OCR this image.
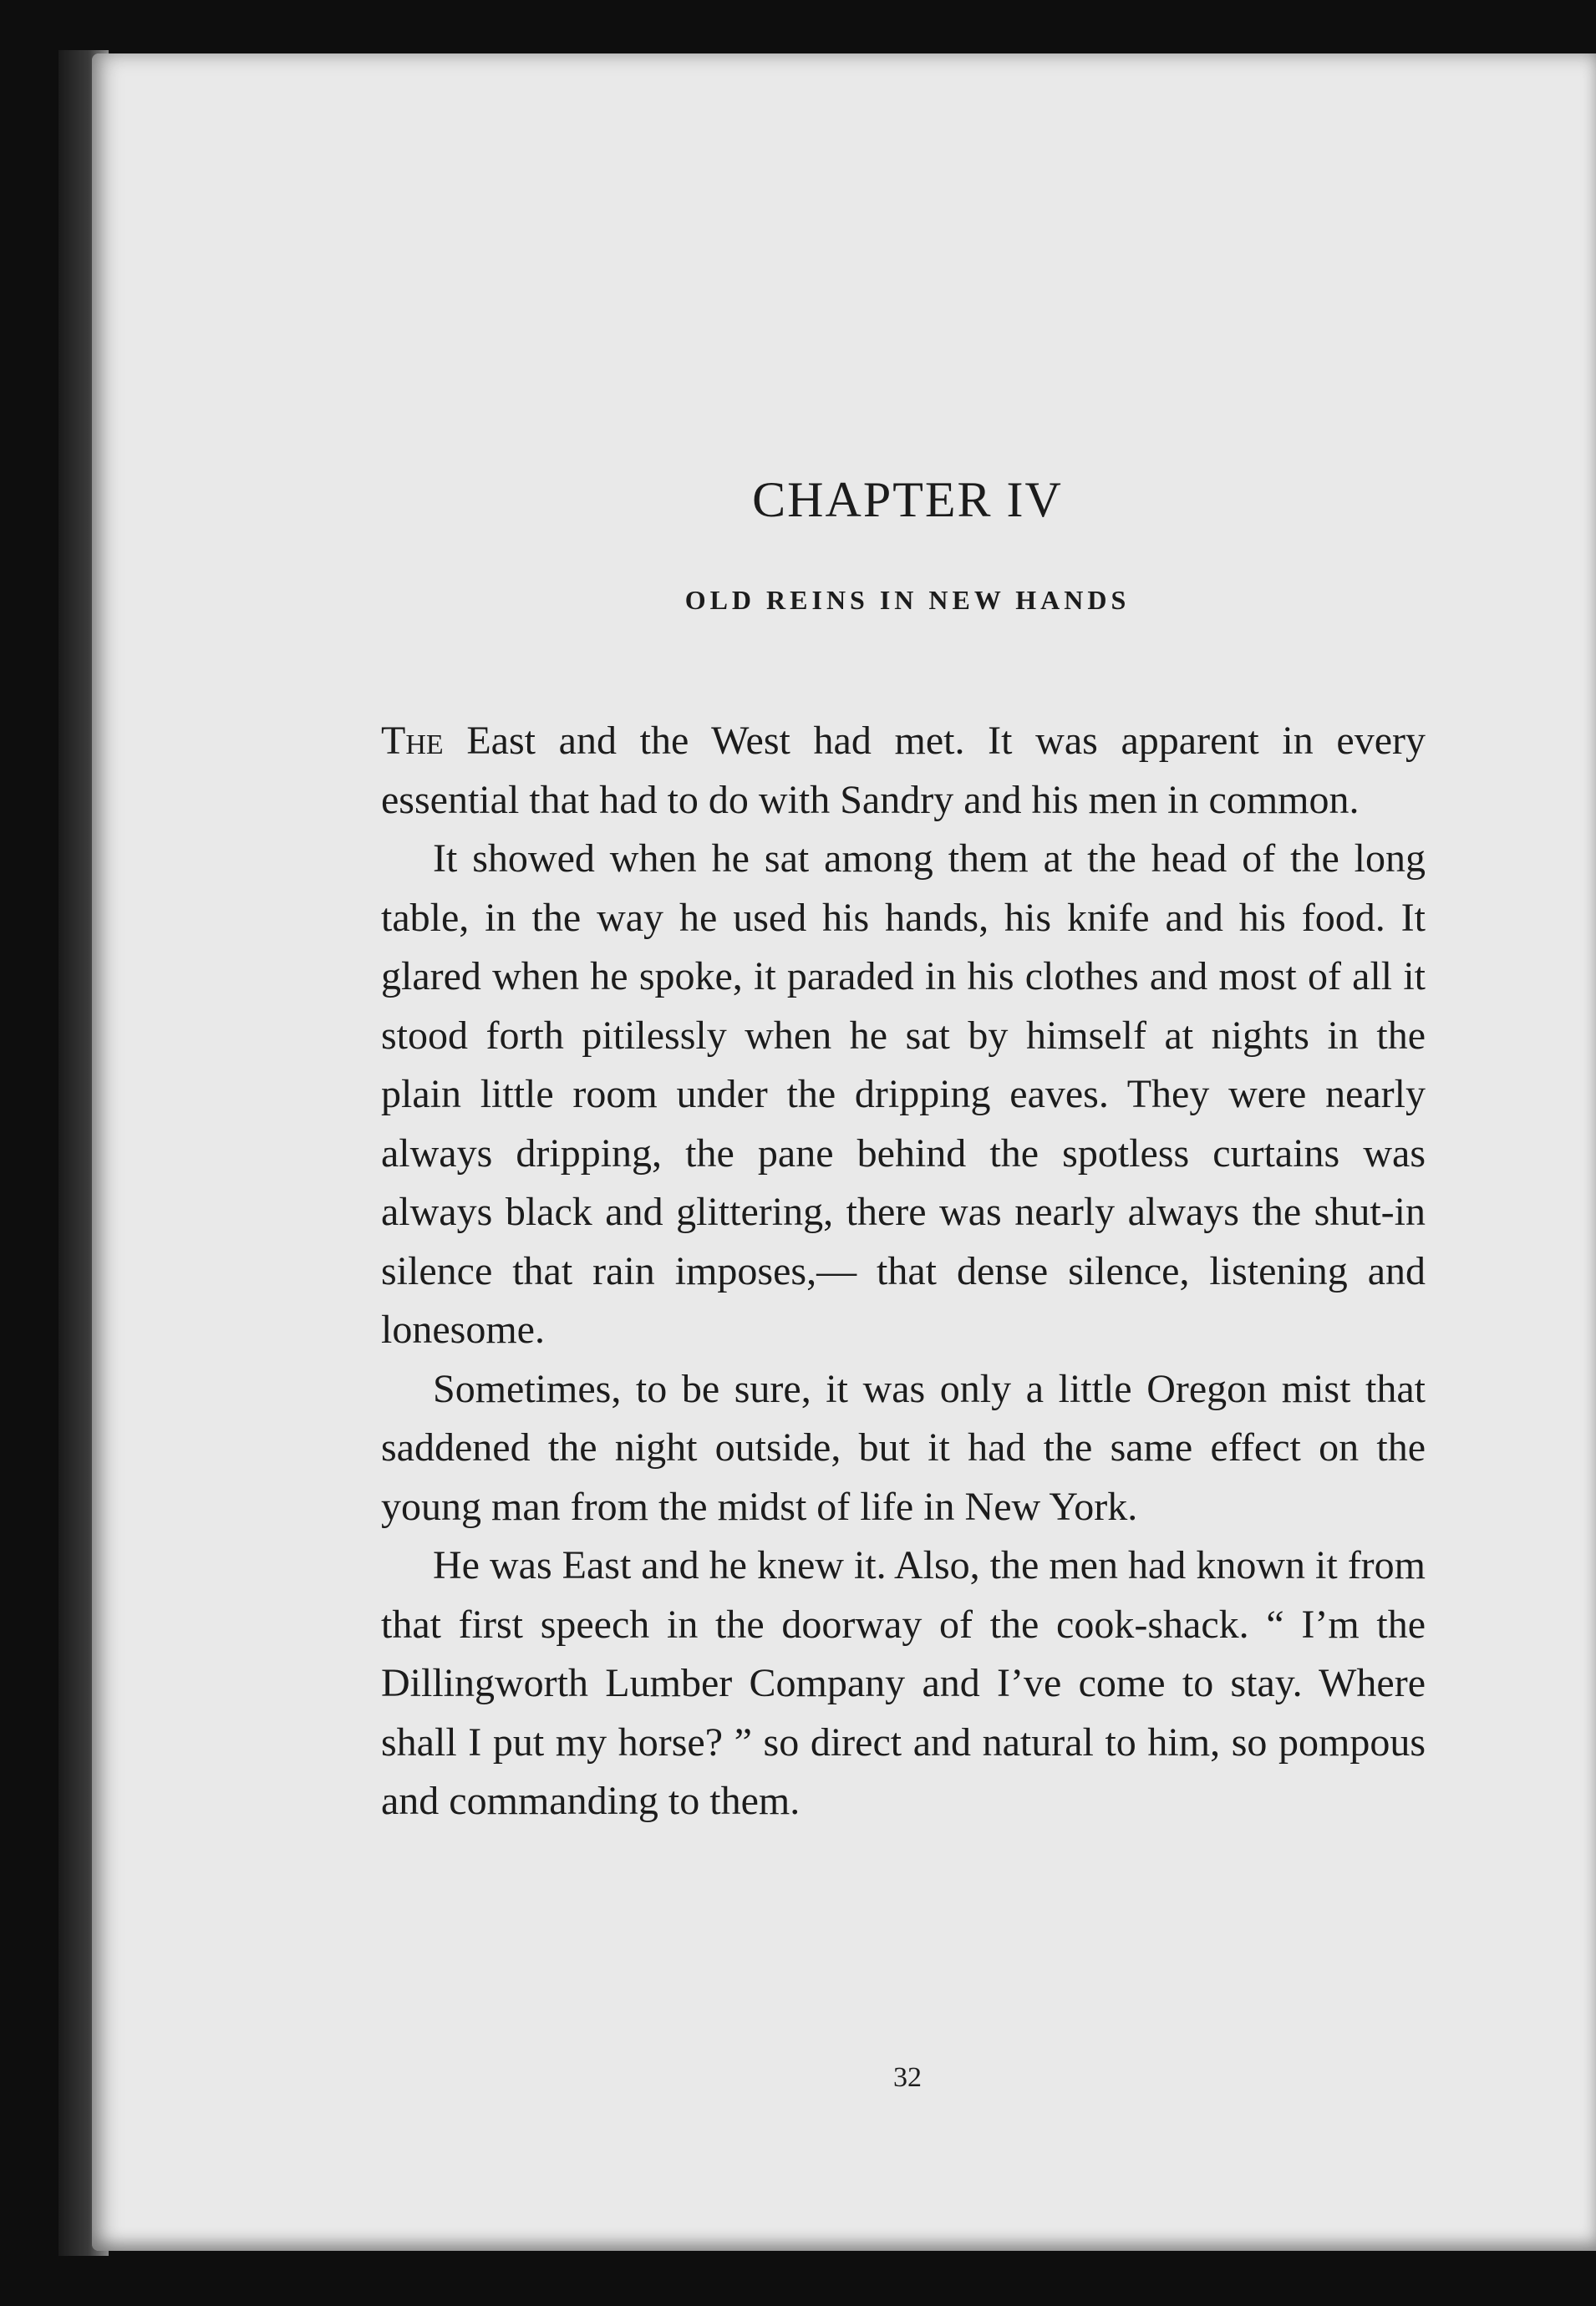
CHAPTER IV
OLD REINS IN NEW HANDS

The East and the West had met. It was apparent in every essential that had to do with Sandry and his men in common.

It showed when he sat among them at the head of the long table, in the way he used his hands, his knife and his food. It glared when he spoke, it paraded in his clothes and most of all it stood forth pitilessly when he sat by himself at nights in the plain little room under the dripping eaves. They were nearly always dripping, the pane behind the spotless curtains was always black and glittering, there was nearly always the shut-in silence that rain imposes,— that dense silence, listening and lonesome.

Sometimes, to be sure, it was only a little Oregon mist that saddened the night outside, but it had the same effect on the young man from the midst of life in New York.

He was East and he knew it. Also, the men had known it from that first speech in the doorway of the cook-shack. “ I’m the Dillingworth Lumber Company and I’ve come to stay. Where shall I put my horse? ” so direct and natural to him, so pompous and commanding to them.

32
